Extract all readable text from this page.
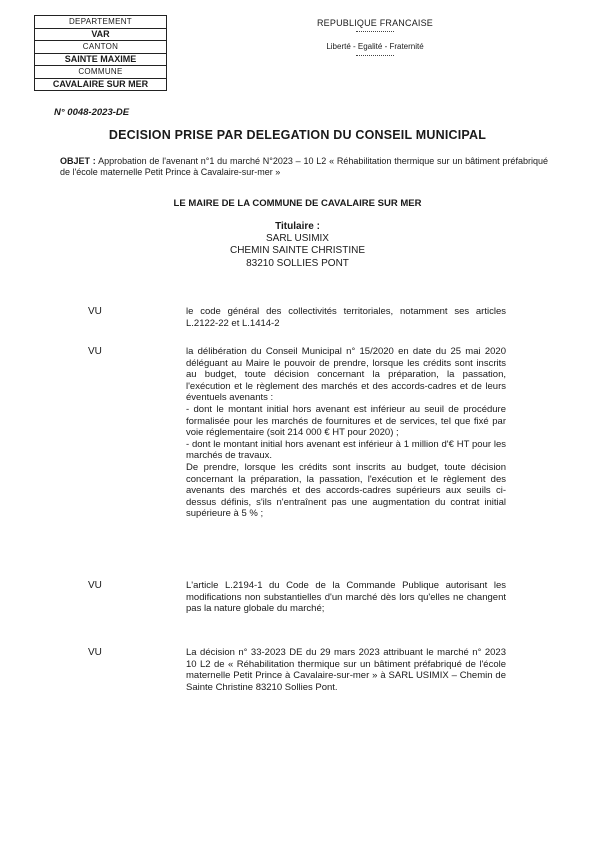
DEPARTEMENT
VAR
CANTON
SAINTE MAXIME
COMMUNE
CAVALAIRE SUR MER
N° 0048-2023-DE
REPUBLIQUE FRANCAISE
Liberté - Egalité - Fraternité
DECISION PRISE PAR DELEGATION DU CONSEIL MUNICIPAL
OBJET : Approbation de l'avenant n°1 du marché N°2023 – 10 L2 « Réhabilitation thermique sur un bâtiment préfabriqué de l'école maternelle Petit Prince à Cavalaire-sur-mer »
LE MAIRE DE LA COMMUNE DE CAVALAIRE SUR MER
Titulaire :
SARL USIMIX
CHEMIN SAINTE CHRISTINE
83210 SOLLIES PONT
VU	le code général des collectivités territoriales, notamment ses articles L.2122-22 et L.1414-2
VU	la délibération du Conseil Municipal n° 15/2020 en date du 25 mai 2020 déléguant au Maire le pouvoir de prendre, lorsque les crédits sont inscrits au budget, toute décision concernant la préparation, la passation, l'exécution et le règlement des marchés et des accords-cadres et de leurs éventuels avenants :
- dont le montant initial hors avenant est inférieur au seuil de procédure formalisée pour les marchés de fournitures et de services, tel que fixé par voie réglementaire (soit 214 000 € HT pour 2020) ;
- dont le montant initial hors avenant est inférieur à 1 million d'€ HT pour les marchés de travaux.
De prendre, lorsque les crédits sont inscrits au budget, toute décision concernant la préparation, la passation, l'exécution et le règlement des avenants des marchés et des accords-cadres supérieurs aux seuils ci-dessus définis, s'ils n'entraînent pas une augmentation du contrat initial supérieure à 5 % ;
VU	L'article L.2194-1 du Code de la Commande Publique autorisant les modifications non substantielles d'un marché dès lors qu'elles ne changent pas la nature globale du marché;
VU	La décision n° 33-2023 DE du 29 mars 2023 attribuant le marché n° 2023 10 L2 de « Réhabilitation thermique sur un bâtiment préfabriqué de l'école maternelle Petit Prince à Cavalaire-sur-mer » à SARL USIMIX – Chemin de Sainte Christine 83210 Sollies Pont.
